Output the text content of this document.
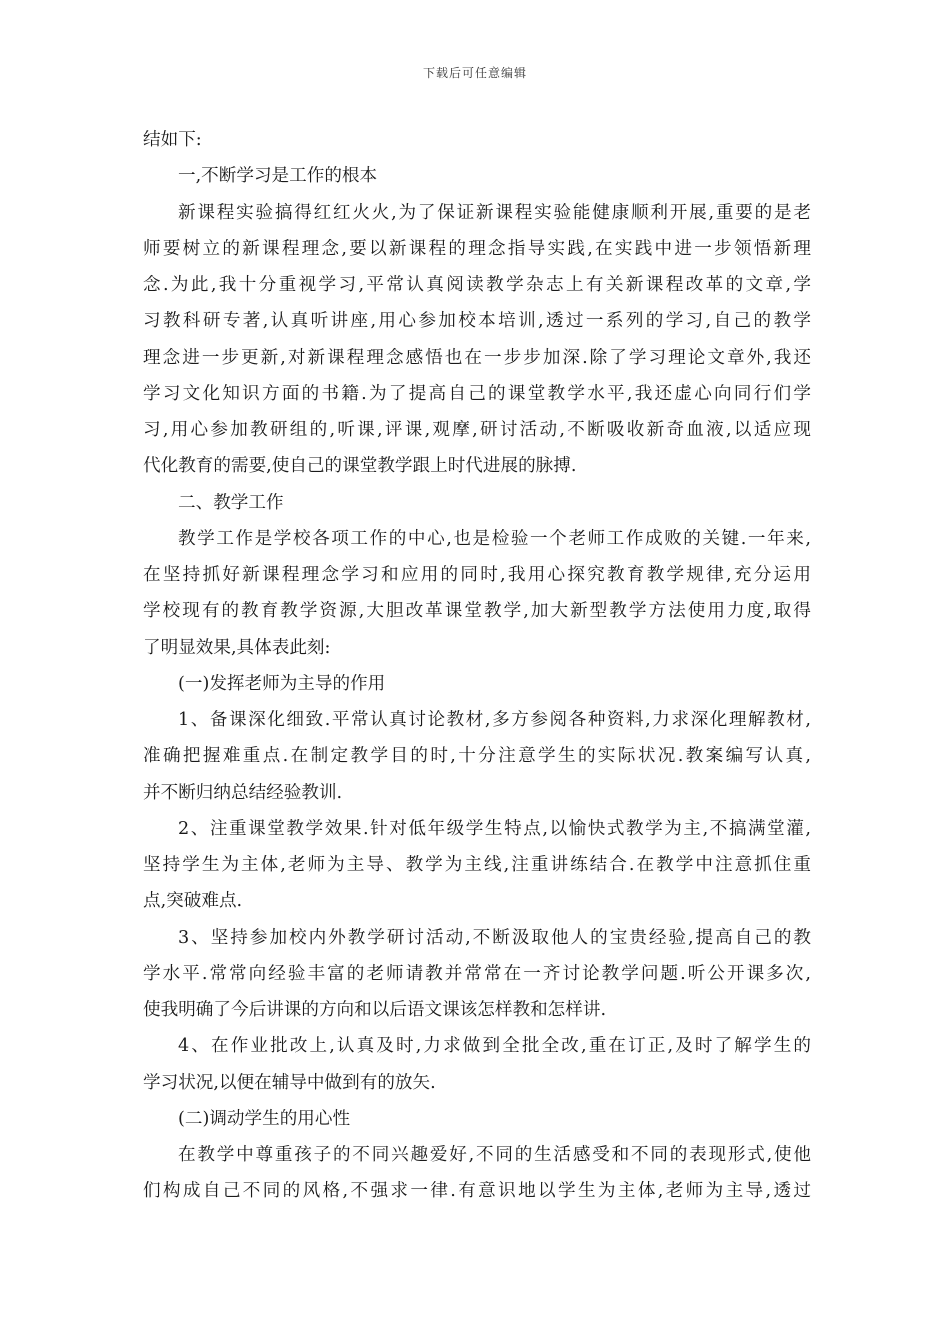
下载后可任意编辑
结如下:
一,不断学习是工作的根本
新课程实验搞得红红火火,为了保证新课程实验能健康顺利开展,重要的是老
师要树立的新课程理念,要以新课程的理念指导实践,在实践中进一步领悟新理
念.为此,我十分重视学习,平常认真阅读教学杂志上有关新课程改革的文章,学
习教科研专著,认真听讲座,用心参加校本培训,透过一系列的学习,自己的教学
理念进一步更新,对新课程理念感悟也在一步步加深.除了学习理论文章外,我还
学习文化知识方面的书籍.为了提高自己的课堂教学水平,我还虚心向同行们学
习,用心参加教研组的,听课,评课,观摩,研讨活动,不断吸收新奇血液,以适应现
代化教育的需要,使自己的课堂教学跟上时代进展的脉搏.
二、教学工作
教学工作是学校各项工作的中心,也是检验一个老师工作成败的关键.一年来,
在坚持抓好新课程理念学习和应用的同时,我用心探究教育教学规律,充分运用
学校现有的教育教学资源,大胆改革课堂教学,加大新型教学方法使用力度,取得
了明显效果,具体表此刻:
(一)发挥老师为主导的作用
1、备课深化细致.平常认真讨论教材,多方参阅各种资料,力求深化理解教材,
准确把握难重点.在制定教学目的时,十分注意学生的实际状况.教案编写认真,
并不断归纳总结经验教训.
2、注重课堂教学效果.针对低年级学生特点,以愉快式教学为主,不搞满堂灌,
坚持学生为主体,老师为主导、教学为主线,注重讲练结合.在教学中注意抓住重
点,突破难点.
3、坚持参加校内外教学研讨活动,不断汲取他人的宝贵经验,提高自己的教
学水平.常常向经验丰富的老师请教并常常在一齐讨论教学问题.听公开课多次,
使我明确了今后讲课的方向和以后语文课该怎样教和怎样讲.
4、在作业批改上,认真及时,力求做到全批全改,重在订正,及时了解学生的
学习状况,以便在辅导中做到有的放矢.
(二)调动学生的用心性
在教学中尊重孩子的不同兴趣爱好,不同的生活感受和不同的表现形式,使他
们构成自己不同的风格,不强求一律.有意识地以学生为主体,老师为主导,透过
